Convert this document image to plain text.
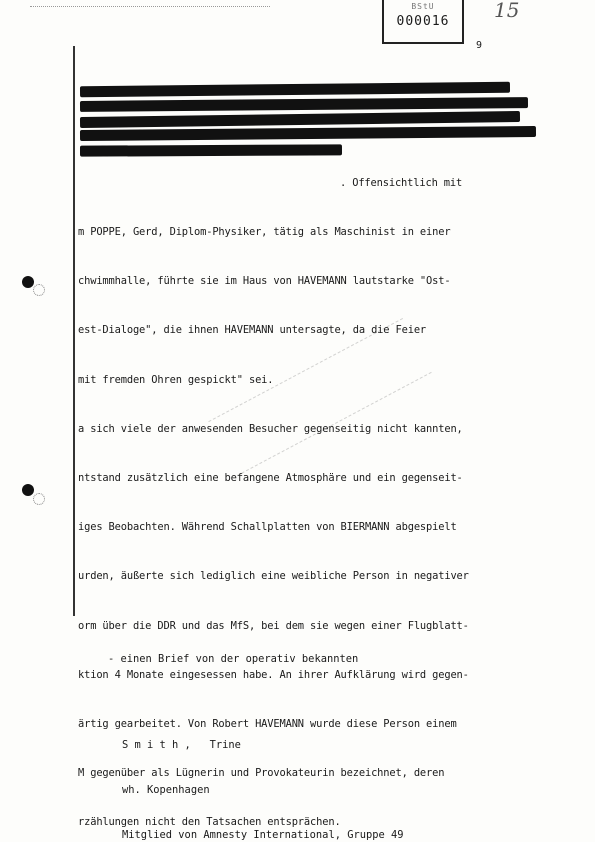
BStU
000016	15
9

. Offensichtlich mit

m POPPE, Gerd, Diplom-Physiker, tätig als Maschinist in einer

chwimmhalle, führte sie im Haus von HAVEMANN lautstarke "Ost-

est-Dialoge", die ihnen HAVEMANN untersagte, da die Feier

mit fremden Ohren gespickt" sei.

a sich viele der anwesenden Besucher gegenseitig nicht kannten,

ntstand zusätzlich eine befangene Atmosphäre und ein gegenseit-

iges Beobachten. Während Schallplatten von BIERMANN abgespielt

urden, äußerte sich lediglich eine weibliche Person in negativer

orm über die DDR und das MfS, bei dem sie wegen einer Flugblatt-

ktion 4 Monate eingesessen habe. An ihrer Aufklärung wird gegen-

ärtig gearbeitet. Von Robert HAVEMANN wurde diese Person einem

M gegenüber als Lügnerin und Provokateurin bezeichnet, deren

rzählungen nicht den Tatsachen entsprächen.

- einen Brief von der operativ bekannten

S m i t h ,   Trine

wh. Kopenhagen

Mitglied von Amnesty International, Gruppe 49
